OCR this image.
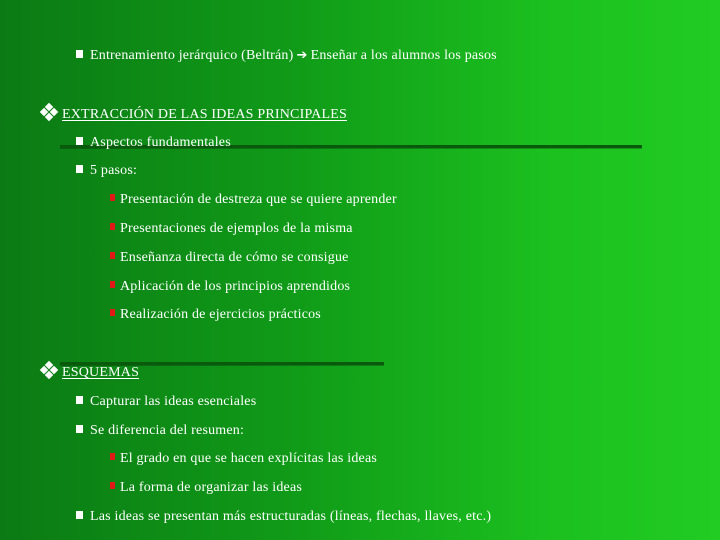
Entrenamiento jerárquico (Beltrán) ➔ Enseñar a los alumnos los pasos
EXTRACCIÓN DE LAS IDEAS PRINCIPALES
Aspectos fundamentales
5 pasos:
Presentación de destreza que se quiere aprender
Presentaciones de ejemplos de la misma
Enseñanza directa de cómo se consigue
Aplicación de los principios aprendidos
Realización de ejercicios prácticos
ESQUEMAS
Capturar las ideas esenciales
Se diferencia del resumen:
El grado en que se hacen explícitas las ideas
La forma de organizar las ideas
Las ideas se presentan más estructuradas (líneas, flechas, llaves, etc.)
